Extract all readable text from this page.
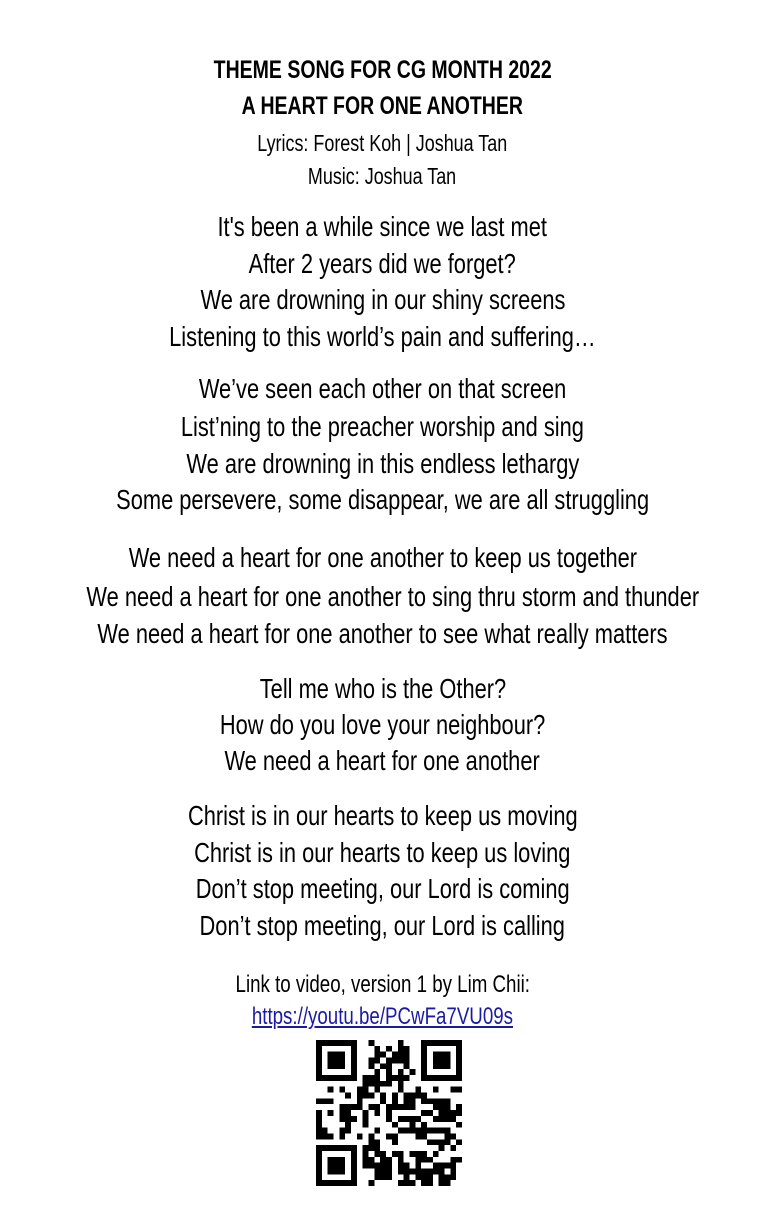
THEME SONG FOR CG MONTH 2022
A HEART FOR ONE ANOTHER
Lyrics: Forest Koh | Joshua Tan
Music: Joshua Tan
It's been a while since we last met
After 2 years did we forget?
We are drowning in our shiny screens
Listening to this world’s pain and suffering…
We’ve seen each other on that screen
List’ning to the preacher worship and sing
We are drowning in this endless lethargy
Some persevere, some disappear, we are all struggling
We need a heart for one another to keep us together
We need a heart for one another to sing thru storm and thunder
We need a heart for one another to see what really matters
Tell me who is the Other?
How do you love your neighbour?
We need a heart for one another
Christ is in our hearts to keep us moving
Christ is in our hearts to keep us loving
Don’t stop meeting, our Lord is coming
Don’t stop meeting, our Lord is calling
Link to video, version 1 by Lim Chii:
https://youtu.be/PCwFa7VU09s
